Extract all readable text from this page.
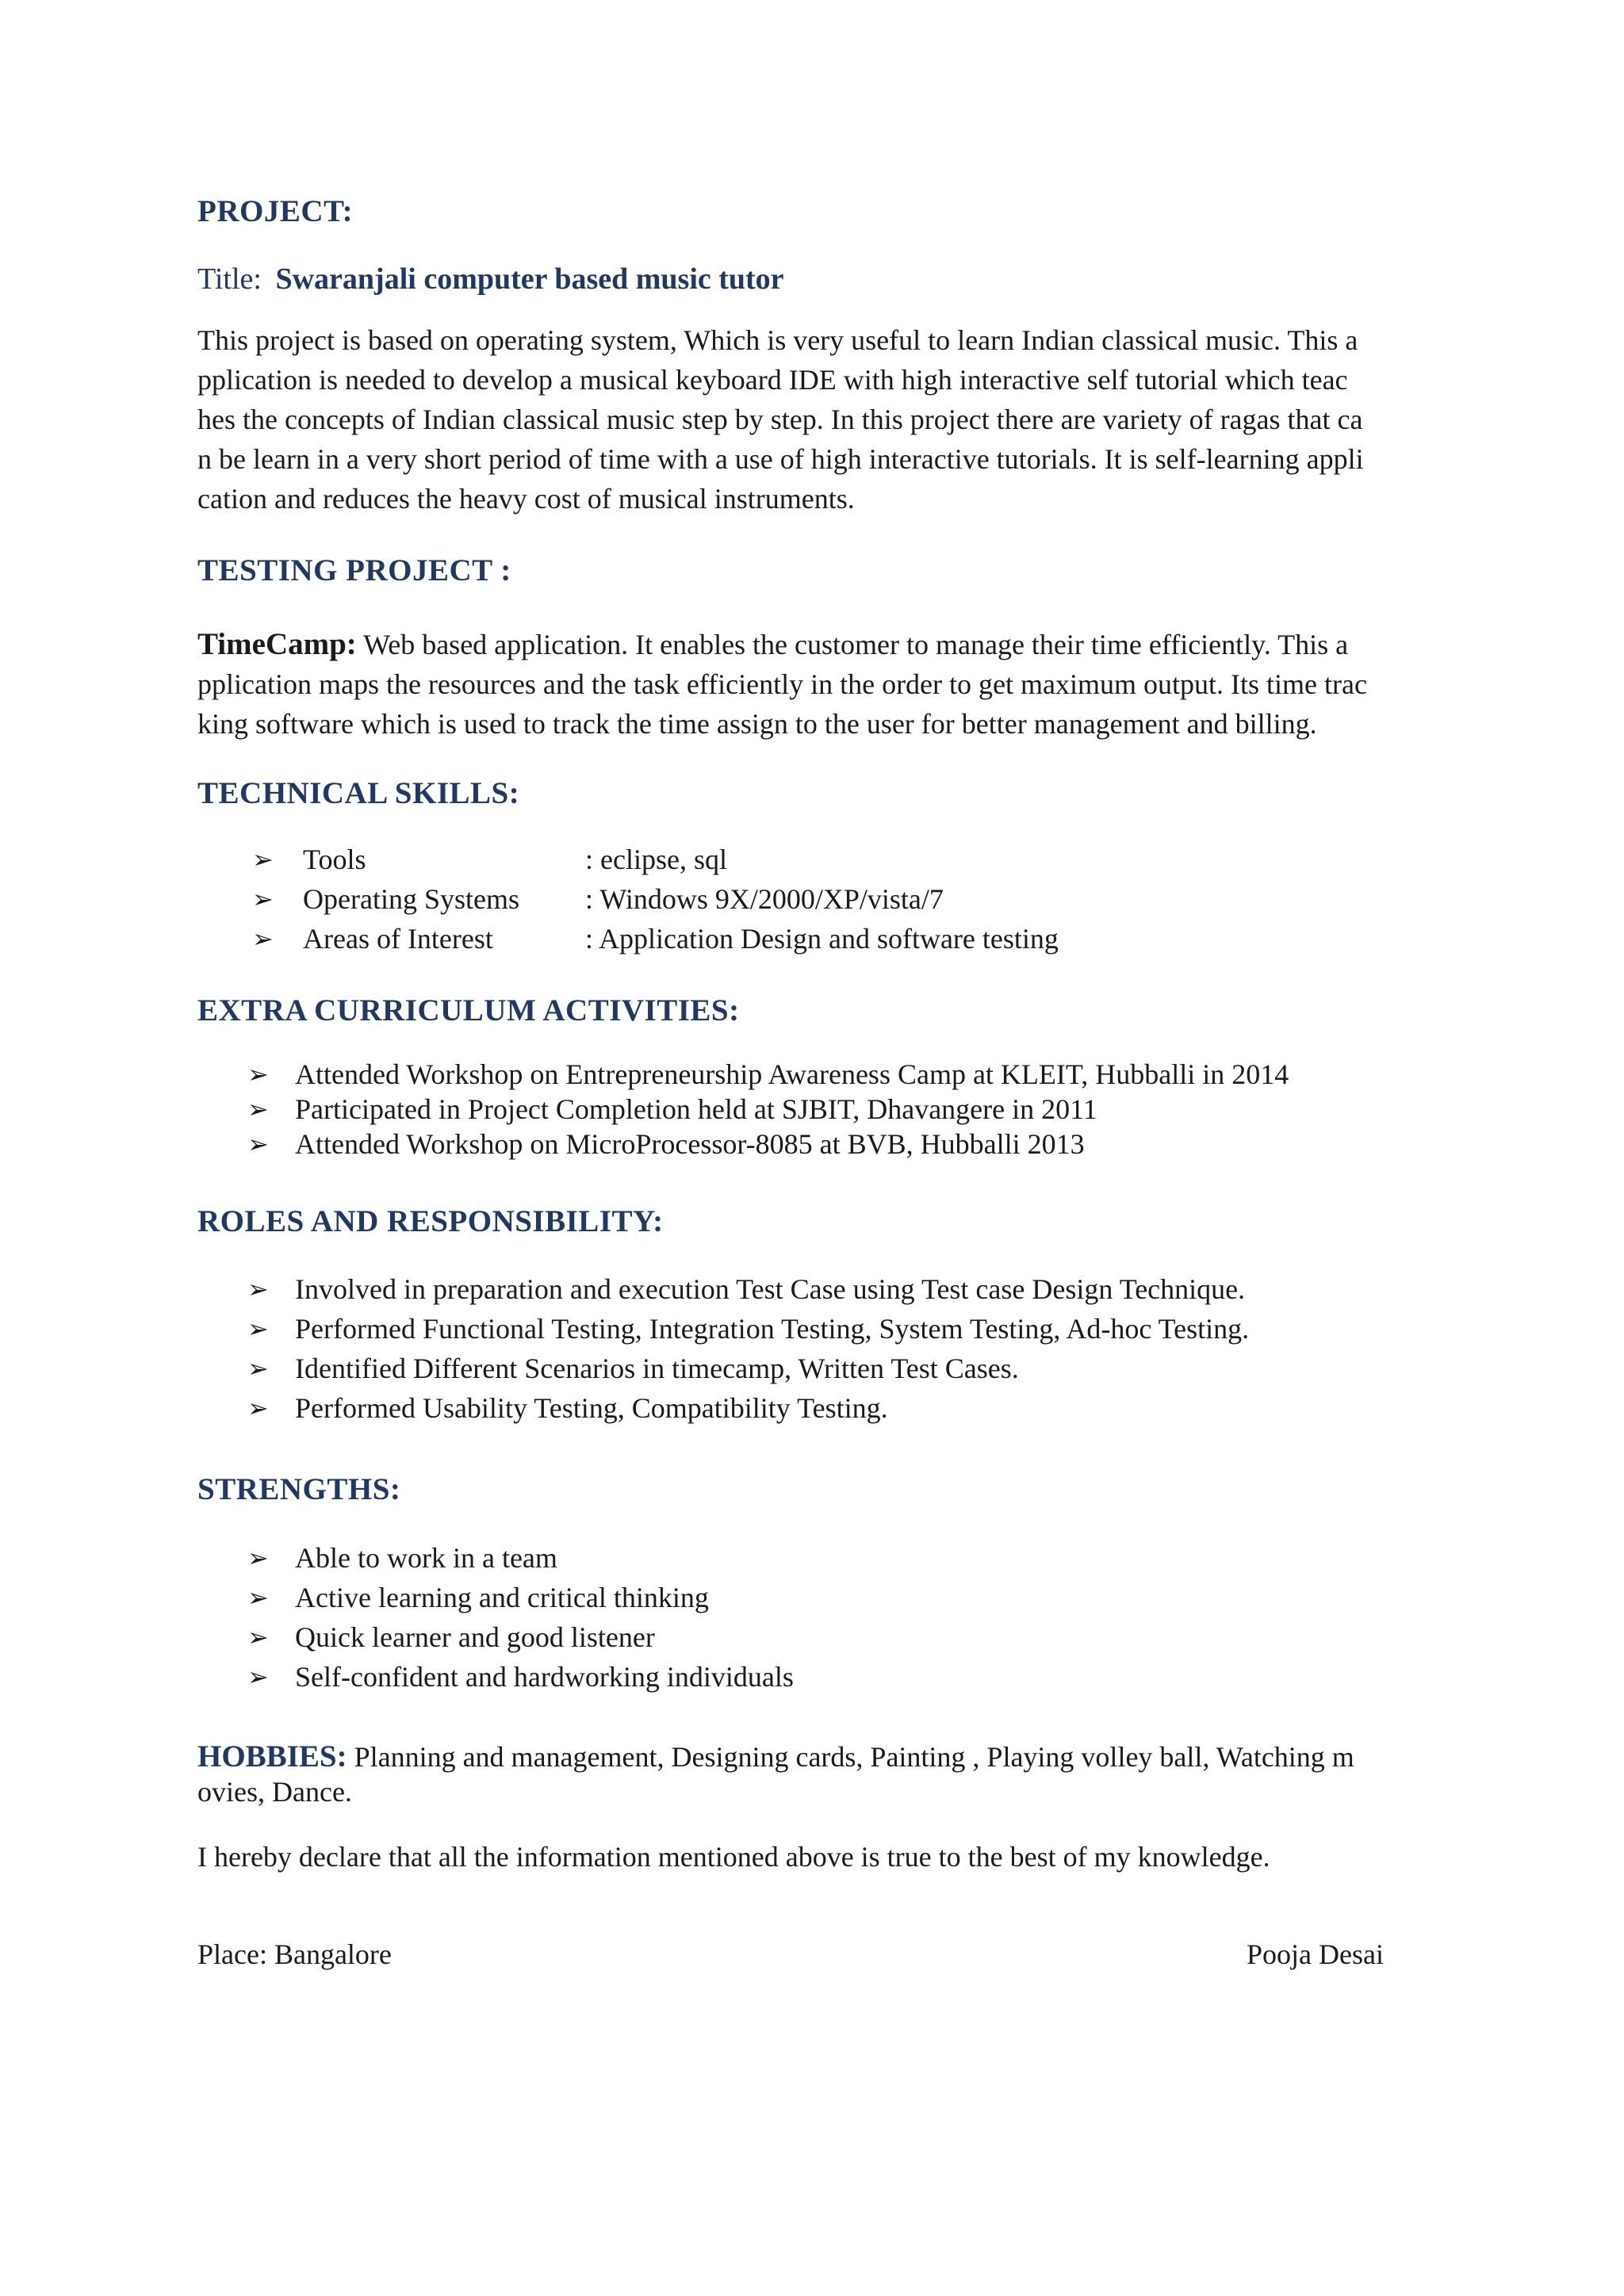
PROJECT:
Title: Swaranjali computer based music tutor
This project is based on operating system, Which is very useful to learn Indian classical music. This a
pplication is needed to develop a musical keyboard IDE with high interactive self tutorial which teac
hes the concepts of Indian classical music step by step. In this project there are variety of ragas that ca
n be learn in a very short period of time with a use of high interactive tutorials. It is self-learning appli
cation and reduces the heavy cost of musical instruments.
TESTING PROJECT :
TimeCamp: Web based application. It enables the customer to manage their time efficiently. This a
pplication maps the resources and the task efficiently in the order to get maximum output. Its time trac
king software which is used to track the time assign to the user for better management and billing.
TECHNICAL SKILLS:
➢ Tools	: eclipse, sql
➢ Operating Systems : Windows 9X/2000/XP/vista/7
➢ Areas of Interest	: Application Design and software testing
EXTRA CURRICULUM ACTIVITIES:
➢ Attended Workshop on Entrepreneurship Awareness Camp at KLEIT, Hubballi in 2014
➢ Participated in Project Completion held at SJBIT, Dhavangere in 2011
➢ Attended Workshop on MicroProcessor-8085 at BVB, Hubballi 2013
ROLES AND RESPONSIBILITY:
➢ Involved in preparation and execution Test Case using Test case Design Technique.
➢ Performed Functional Testing, Integration Testing, System Testing, Ad-hoc Testing.
➢ Identified Different Scenarios in timecamp, Written Test Cases.
➢ Performed Usability Testing, Compatibility Testing.
STRENGTHS:
➢ Able to work in a team
➢ Active learning and critical thinking
➢ Quick learner and good listener
➢ Self-confident and hardworking individuals
HOBBIES: Planning and management, Designing cards, Painting , Playing volley ball, Watching m
ovies, Dance.

I hereby declare that all the information mentioned above is true to the best of my knowledge.

Place: Bangalore	Pooja Desai
